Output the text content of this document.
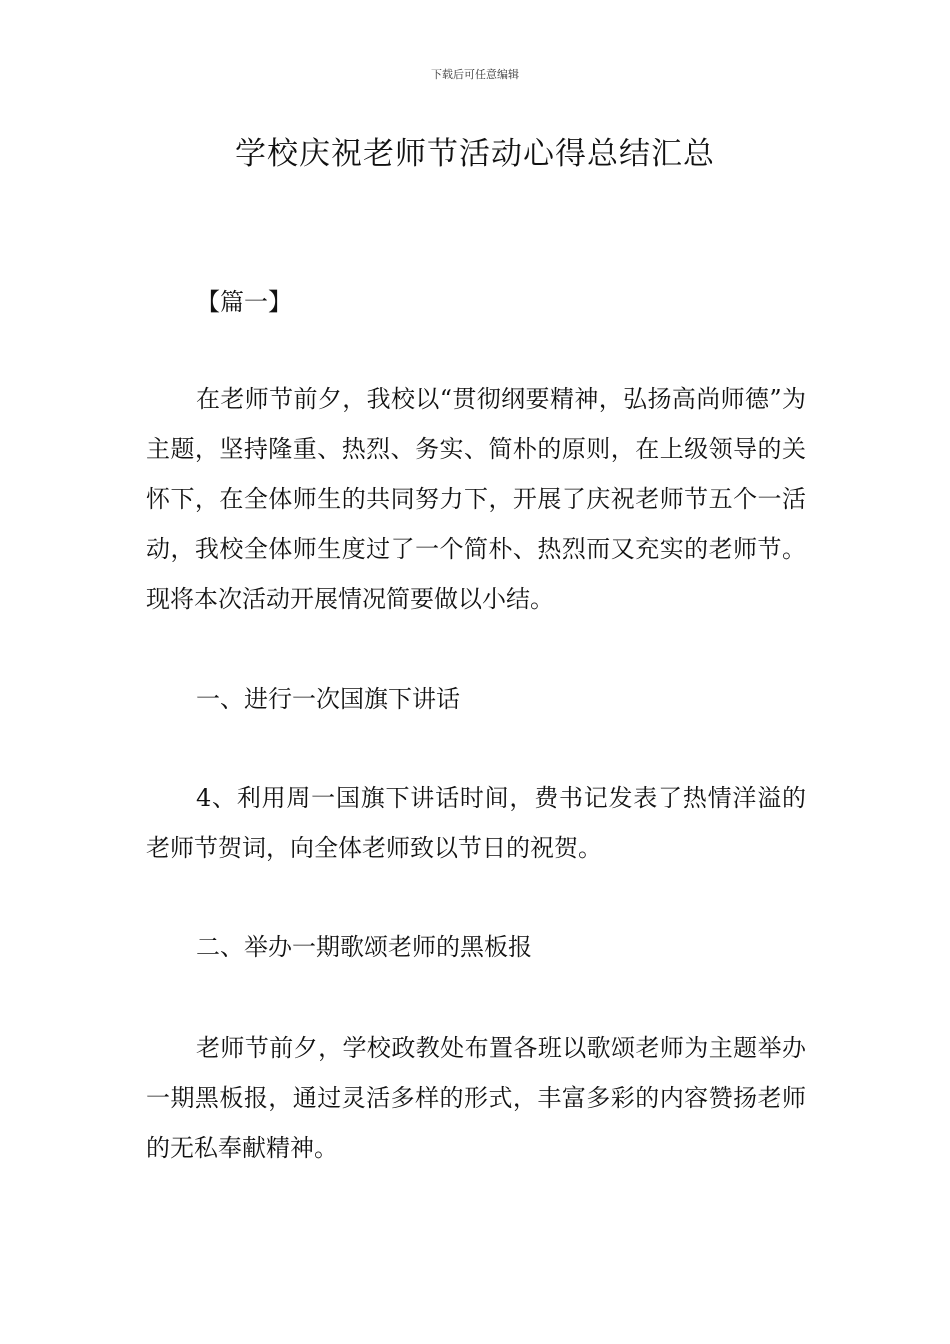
下载后可任意编辑
学校庆祝老师节活动心得总结汇总

【篇一】

在老师节前夕，我校以“贯彻纲要精神，弘扬高尚师德”为主题，坚持隆重、热烈、务实、简朴的原则，在上级领导的关怀下，在全体师生的共同努力下，开展了庆祝老师节五个一活动，我校全体师生度过了一个简朴、热烈而又充实的老师节。现将本次活动开展情况简要做以小结。

一、进行一次国旗下讲话

4、利用周一国旗下讲话时间，费书记发表了热情洋溢的老师节贺词，向全体老师致以节日的祝贺。

二、举办一期歌颂老师的黑板报

老师节前夕，学校政教处布置各班以歌颂老师为主题举办一期黑板报，通过灵活多样的形式，丰富多彩的内容赞扬老师的无私奉献精神。
